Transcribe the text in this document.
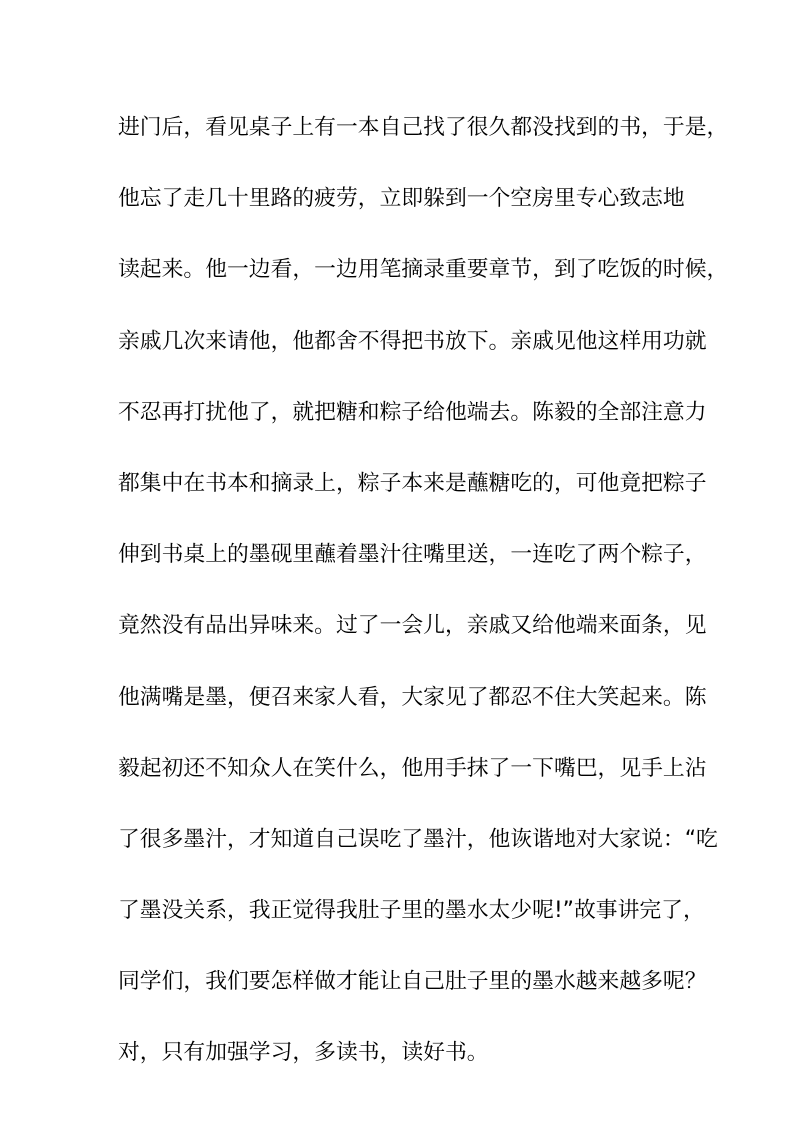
进门后，看见桌子上有一本自己找了很久都没找到的书，于是，
他忘了走几十里路的疲劳，立即躲到一个空房里专心致志地
读起来。他一边看，一边用笔摘录重要章节，到了吃饭的时候，
亲戚几次来请他，他都舍不得把书放下。亲戚见他这样用功就
不忍再打扰他了，就把糖和粽子给他端去。陈毅的全部注意力
都集中在书本和摘录上，粽子本来是蘸糖吃的，可他竟把粽子
伸到书桌上的墨砚里蘸着墨汁往嘴里送，一连吃了两个粽子，
竟然没有品出异味来。过了一会儿，亲戚又给他端来面条，见
他满嘴是墨，便召来家人看，大家见了都忍不住大笑起来。陈
毅起初还不知众人在笑什么，他用手抹了一下嘴巴，见手上沾
了很多墨汁，才知道自己误吃了墨汁，他诙谐地对大家说：“吃
了墨没关系，我正觉得我肚子里的墨水太少呢!”故事讲完了，
同学们，我们要怎样做才能让自己肚子里的墨水越来越多呢？
对，只有加强学习，多读书，读好书。
